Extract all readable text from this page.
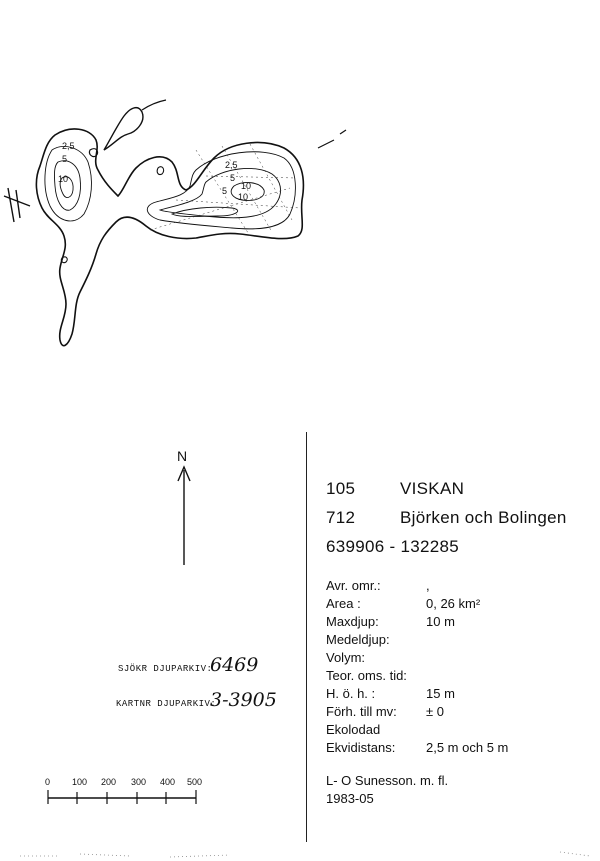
2,5
5
10
2,5
5
10
5
10
N
SJÖKR DJUPARKIV:
6469
KARTNR DJUPARKIV:
3-3905
0 100 200 300 400 500
105	VISKAN
712	Björken och Bolingen
639906 - 132285
Avr. omr.:
Area :
Maxdjup:
Medeldjup:
Volym:
Teor. oms. tid:
H. ö. h. :
Förh. till mv:
Ekolodad
Ekvidistans:
,
0, 26 km²
10 m
15 m
± 0
2,5 m och 5 m
L- O Sunesson. m. fl.
1983-05
